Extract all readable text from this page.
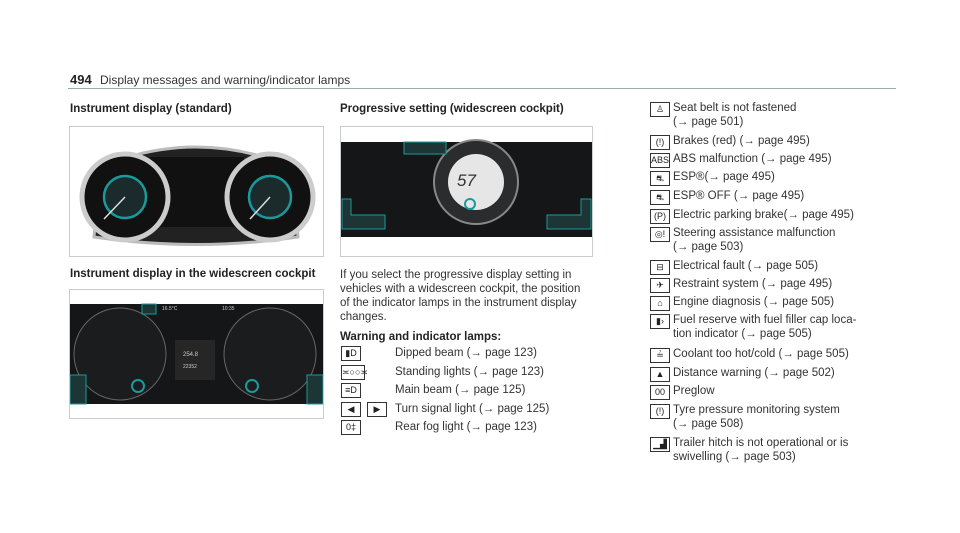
494 Display messages and warning/indicator lamps
Instrument display (standard)
Instrument display in the widescreen cockpit
16.5°C	10:35
254.8
22352
Progressive setting (widescreen cockpit)
57
If you select the progressive display setting in
vehicles with a widescreen cockpit, the position
of the indicator lamps in the instrument display
changes.
Warning and indicator lamps:
▮D	Dipped beam (→ page 123)
≍○○≍ Standing lights (→ page 123)
≡D	Main beam (→ page 125)
◀	▶	Turn signal light (→ page 125)
0‡	Rear fog light (→ page 123)
♙ Seat belt is not fastened
(→ page 501)
(!) Brakes (red) (→ page 495)
ABS ABS malfunction (→ page 495)
⛐ ESP®(→ page 495)
⛐ ESP® OFF (→ page 495)
(P) Electric parking brake(→ page 495)
◎! Steering assistance malfunction
(→ page 503)
⊟ Electrical fault (→ page 505)
✈ Restraint system (→ page 495)
⌂ Engine diagnosis (→ page 505)
▮› Fuel reserve with fuel filler cap loca-
tion indicator (→ page 505)
≟ Coolant too hot/cold (→ page 505)
▲ Distance warning (→ page 502)
00 Preglow
(!) Tyre pressure monitoring system
(→ page 508)
▁▟ Trailer hitch is not operational or is
swivelling (→ page 503)
